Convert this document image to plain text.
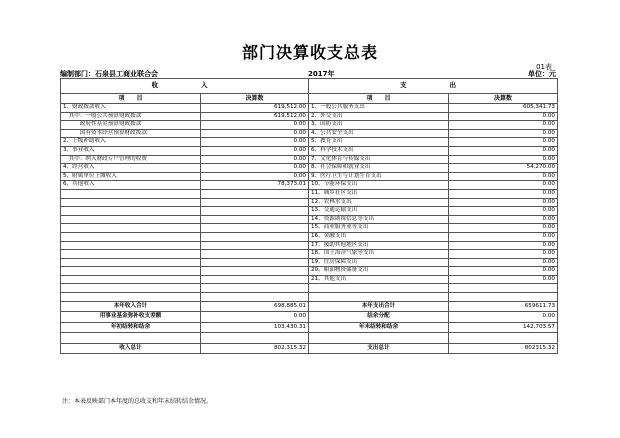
部门决算收支总表
01表
编制部门：石泉县工商业联合会	2017年	单位：元
收　　入		支　　出	
项　　目	决算数	项　　目	决算数
1、财政拨款收入	619,512.00	1、一般公共服务支出	605,341.73
　其中：一般公共预算财政拨款	619,512.00	2、外交支出	0.00
　　　政府性基金预算财政拨款	0.00	3、国防支出	0.00
　　　国有资本经营预算财政拨款	0.00	4、公共安全支出	0.00
2、上级补助收入	0.00	5、教育支出	0.00
3、事业收入	0.00	6、科学技术支出	0.00
　其中：纳入财政专户管理的收费	0.00	7、文化体育与传媒支出	0.00
4、经营收入	0.00	8、社会保障和就业支出	54,270.00
5、附属单位上缴收入	0.00	9、医疗卫生与计划生育支出	0.00
6、其他收入	78,373.01	10、节能环保支出	0.00
		11、城乡社区支出	0.00
		12、农林水支出	0.00
		13、交通运输支出	0.00
		14、资源勘探信息等支出	0.00
		15、商业服务业等支出	0.00
		16、金融支出	0.00
		17、援助其他地区支出	0.00
		18、国土海洋气象等支出	0.00
		19、住房保障支出	0.00
		20、粮油物资储备支出	0.00
		21、其他支出	0.00

本年收入合计	698,885.01	本年支出合计	659611.73
用事业基金弥补收支差额	0.00	结余分配	0.00
年初结转和结余	103,430.31	年末结转和结余	142,703.57

收入总计	802,315.32	支出总计	802315.32
注：本表反映部门本年度的总收支和年末结转结余情况。
